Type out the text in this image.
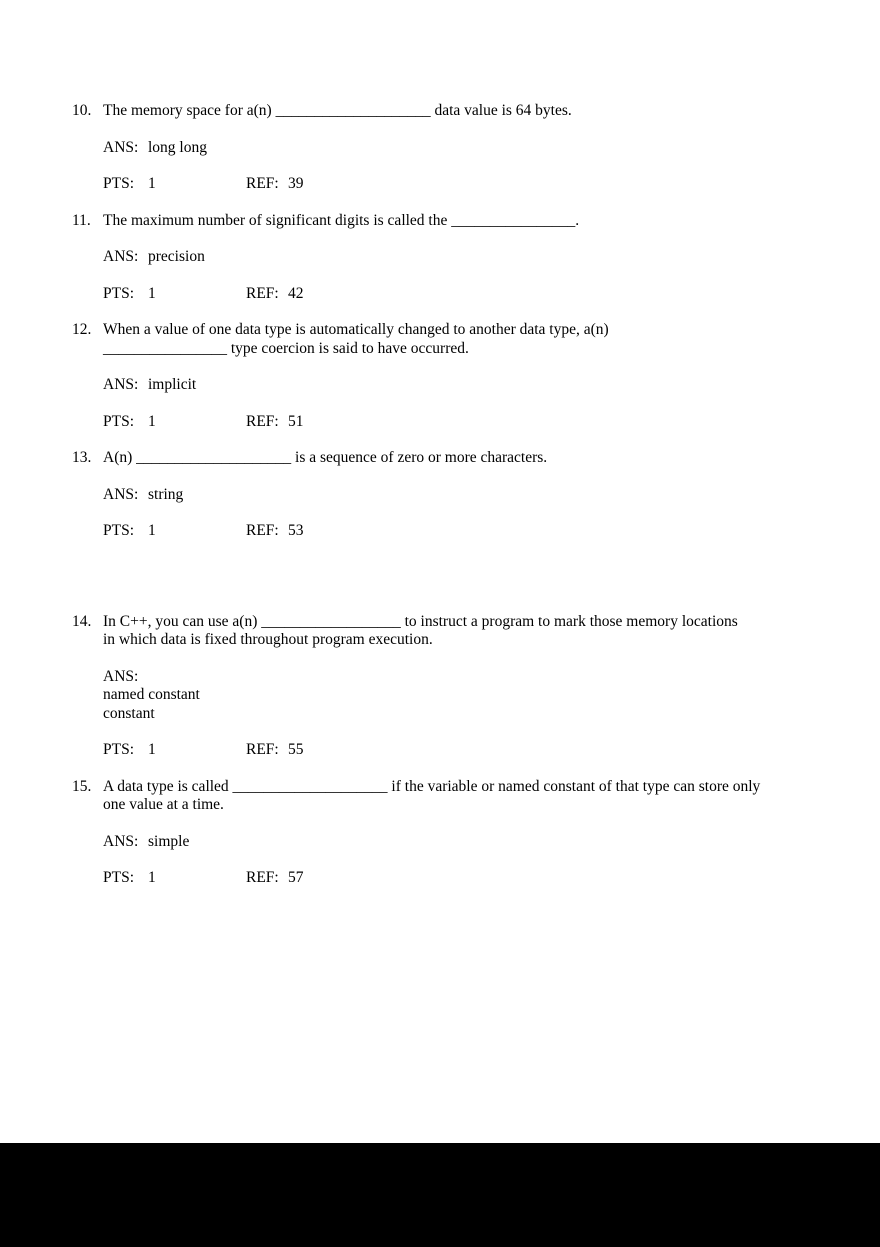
10. The memory space for a(n) ____________________ data value is 64 bytes.
ANS: long long
PTS: 1	REF: 39
11. The maximum number of significant digits is called the ________________.
ANS: precision
PTS: 1	REF: 42
12. When a value of one data type is automatically changed to another data type, a(n)
________________ type coercion is said to have occurred.
ANS: implicit
PTS: 1	REF: 51
13. A(n) ____________________ is a sequence of zero or more characters.
ANS: string
PTS: 1	REF: 53
14. In C++, you can use a(n) __________________ to instruct a program to mark those memory locations
in which data is fixed throughout program execution.
ANS:
named constant
constant
PTS: 1	REF: 55
15. A data type is called ____________________ if the variable or named constant of that type can store only
one value at a time.
ANS: simple
PTS: 1	REF: 57
